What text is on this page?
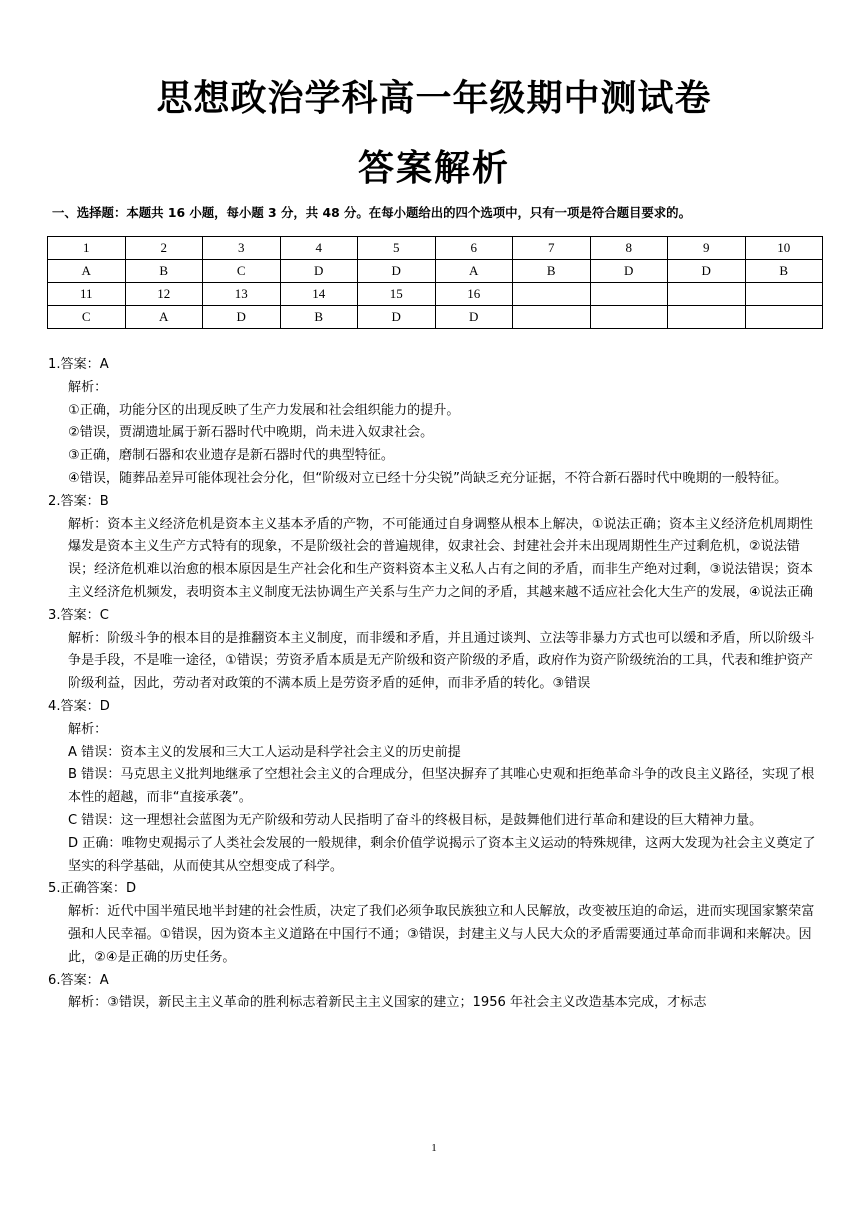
思想政治学科高一年级期中测试卷
答案解析
一、选择题：本题共 16 小题，每小题 3 分，共 48 分。在每小题给出的四个选项中，只有一项是符合题目要求的。
1	2	3	4	5	6	7	8	9	10
A	B	C	D	D	A	B	D	D	B
11	12	13	14	15	16				
C	A	D	B	D	D				

1.答案：A

解析：

①正确，功能分区的出现反映了生产力发展和社会组织能力的提升。

②错误，贾湖遗址属于新石器时代中晚期，尚未进入奴隶社会。

③正确，磨制石器和农业遗存是新石器时代的典型特征。

④错误，随葬品差异可能体现社会分化，但“阶级对立已经十分尖锐”尚缺乏充分证据，不符合新石器时代中晚期的一般特征。

2.答案：B

解析：资本主义经济危机是资本主义基本矛盾的产物，不可能通过自身调整从根本上解决，①说法正确；资本主义经济危机周期性爆发是资本主义生产方式特有的现象，不是阶级社会的普遍规律，奴隶社会、封建社会并未出现周期性生产过剩危机，②说法错误；经济危机难以治愈的根本原因是生产社会化和生产资料资本主义私人占有之间的矛盾，而非生产绝对过剩，③说法错误；资本主义经济危机频发，表明资本主义制度无法协调生产关系与生产力之间的矛盾，其越来越不适应社会化大生产的发展，④说法正确

3.答案：C

解析：阶级斗争的根本目的是推翻资本主义制度，而非缓和矛盾，并且通过谈判、立法等非暴力方式也可以缓和矛盾，所以阶级斗争是手段，不是唯一途径，①错误；劳资矛盾本质是无产阶级和资产阶级的矛盾，政府作为资产阶级统治的工具，代表和维护资产阶级利益，因此，劳动者对政策的不满本质上是劳资矛盾的延伸，而非矛盾的转化。③错误

4.答案：D

解析：

A 错误：资本主义的发展和三大工人运动是科学社会主义的历史前提

B 错误：马克思主义批判地继承了空想社会主义的合理成分，但坚决摒弃了其唯心史观和拒绝革命斗争的改良主义路径，实现了根本性的超越，而非“直接承袭”。

C 错误：这一理想社会蓝图为无产阶级和劳动人民指明了奋斗的终极目标，是鼓舞他们进行革命和建设的巨大精神力量。

D 正确：唯物史观揭示了人类社会发展的一般规律，剩余价值学说揭示了资本主义运动的特殊规律，这两大发现为社会主义奠定了坚实的科学基础，从而使其从空想变成了科学。

5.正确答案：D

解析：近代中国半殖民地半封建的社会性质，决定了我们必须争取民族独立和人民解放，改变被压迫的命运，进而实现国家繁荣富强和人民幸福。①错误，因为资本主义道路在中国行不通；③错误，封建主义与人民大众的矛盾需要通过革命而非调和来解决。因此，②④是正确的历史任务。

6.答案：A

解析：③错误，新民主主义革命的胜利标志着新民主主义国家的建立；1956 年社会主义改造基本完成，才标志

1
